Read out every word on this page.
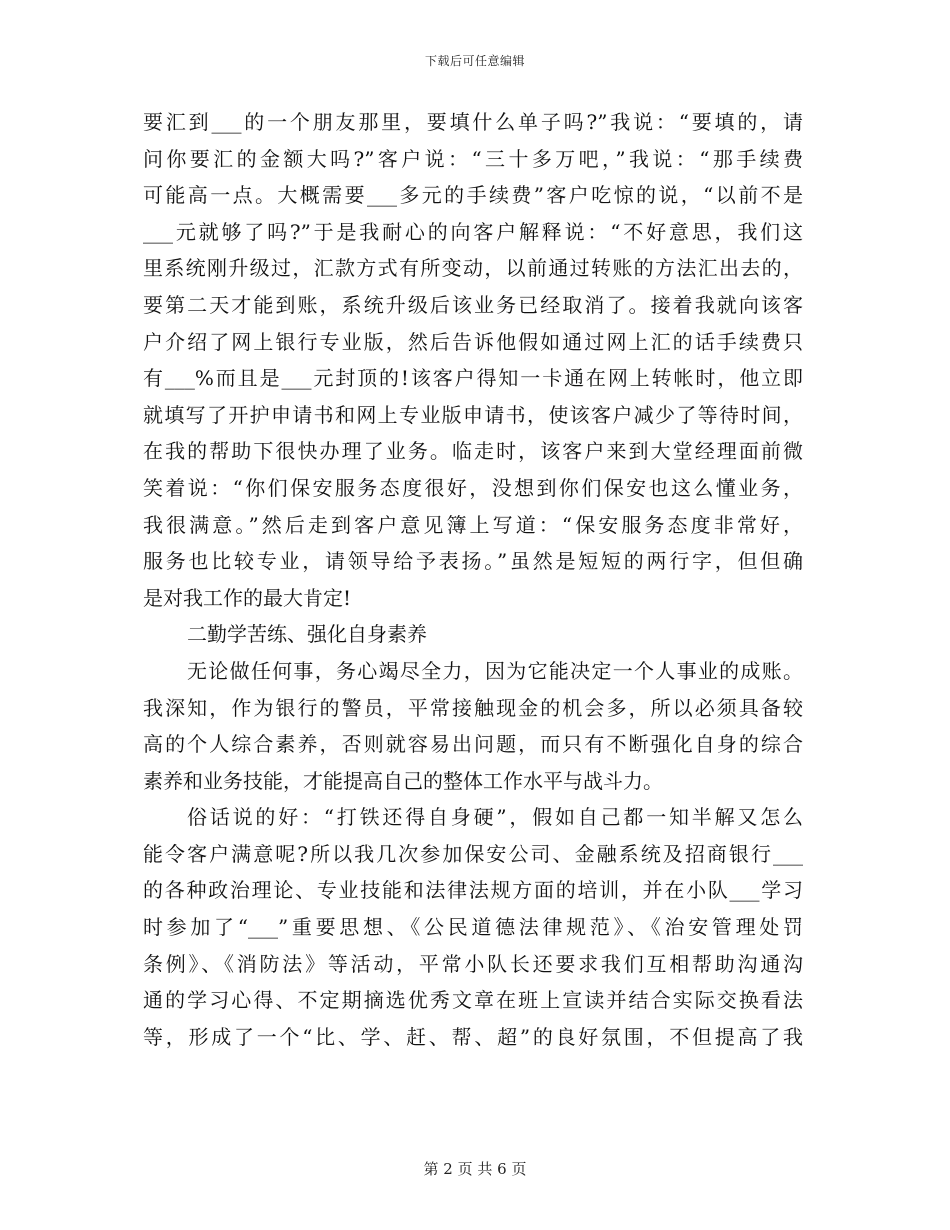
下载后可任意编辑
要汇到___的一个朋友那里，要填什么单子吗?”我说：“要填的，请
问你要汇的金额大吗?”客户说：“三十多万吧，”我说：“那手续费
可能高一点。大概需要___多元的手续费”客户吃惊的说，“以前不是
___元就够了吗?”于是我耐心的向客户解释说：“不好意思，我们这
里系统刚升级过，汇款方式有所变动，以前通过转账的方法汇出去的，
要第二天才能到账，系统升级后该业务已经取消了。接着我就向该客
户介绍了网上银行专业版，然后告诉他假如通过网上汇的话手续费只
有___%而且是___元封顶的!该客户得知一卡通在网上转帐时，他立即
就填写了开护申请书和网上专业版申请书，使该客户减少了等待时间，
在我的帮助下很快办理了业务。临走时，该客户来到大堂经理面前微
笑着说：“你们保安服务态度很好，没想到你们保安也这么懂业务，
我很满意。”然后走到客户意见簿上写道：“保安服务态度非常好，
服务也比较专业，请领导给予表扬。”虽然是短短的两行字，但但确
是对我工作的最大肯定!
二勤学苦练、强化自身素养
无论做任何事，务心竭尽全力，因为它能决定一个人事业的成账。
我深知，作为银行的警员，平常接触现金的机会多，所以必须具备较
高的个人综合素养，否则就容易出问题，而只有不断强化自身的综合
素养和业务技能，才能提高自己的整体工作水平与战斗力。
俗话说的好：“打铁还得自身硬”，假如自己都一知半解又怎么
能令客户满意呢?所以我几次参加保安公司、金融系统及招商银行___
的各种政治理论、专业技能和法律法规方面的培训，并在小队___学习
时参加了“___”重要思想、《公民道德法律规范》、《治安管理处罚
条例》、《消防法》等活动，平常小队长还要求我们互相帮助沟通沟
通的学习心得、不定期摘选优秀文章在班上宣读并结合实际交换看法
等，形成了一个“比、学、赶、帮、超”的良好氛围，不但提高了我
第 2 页 共 6 页
